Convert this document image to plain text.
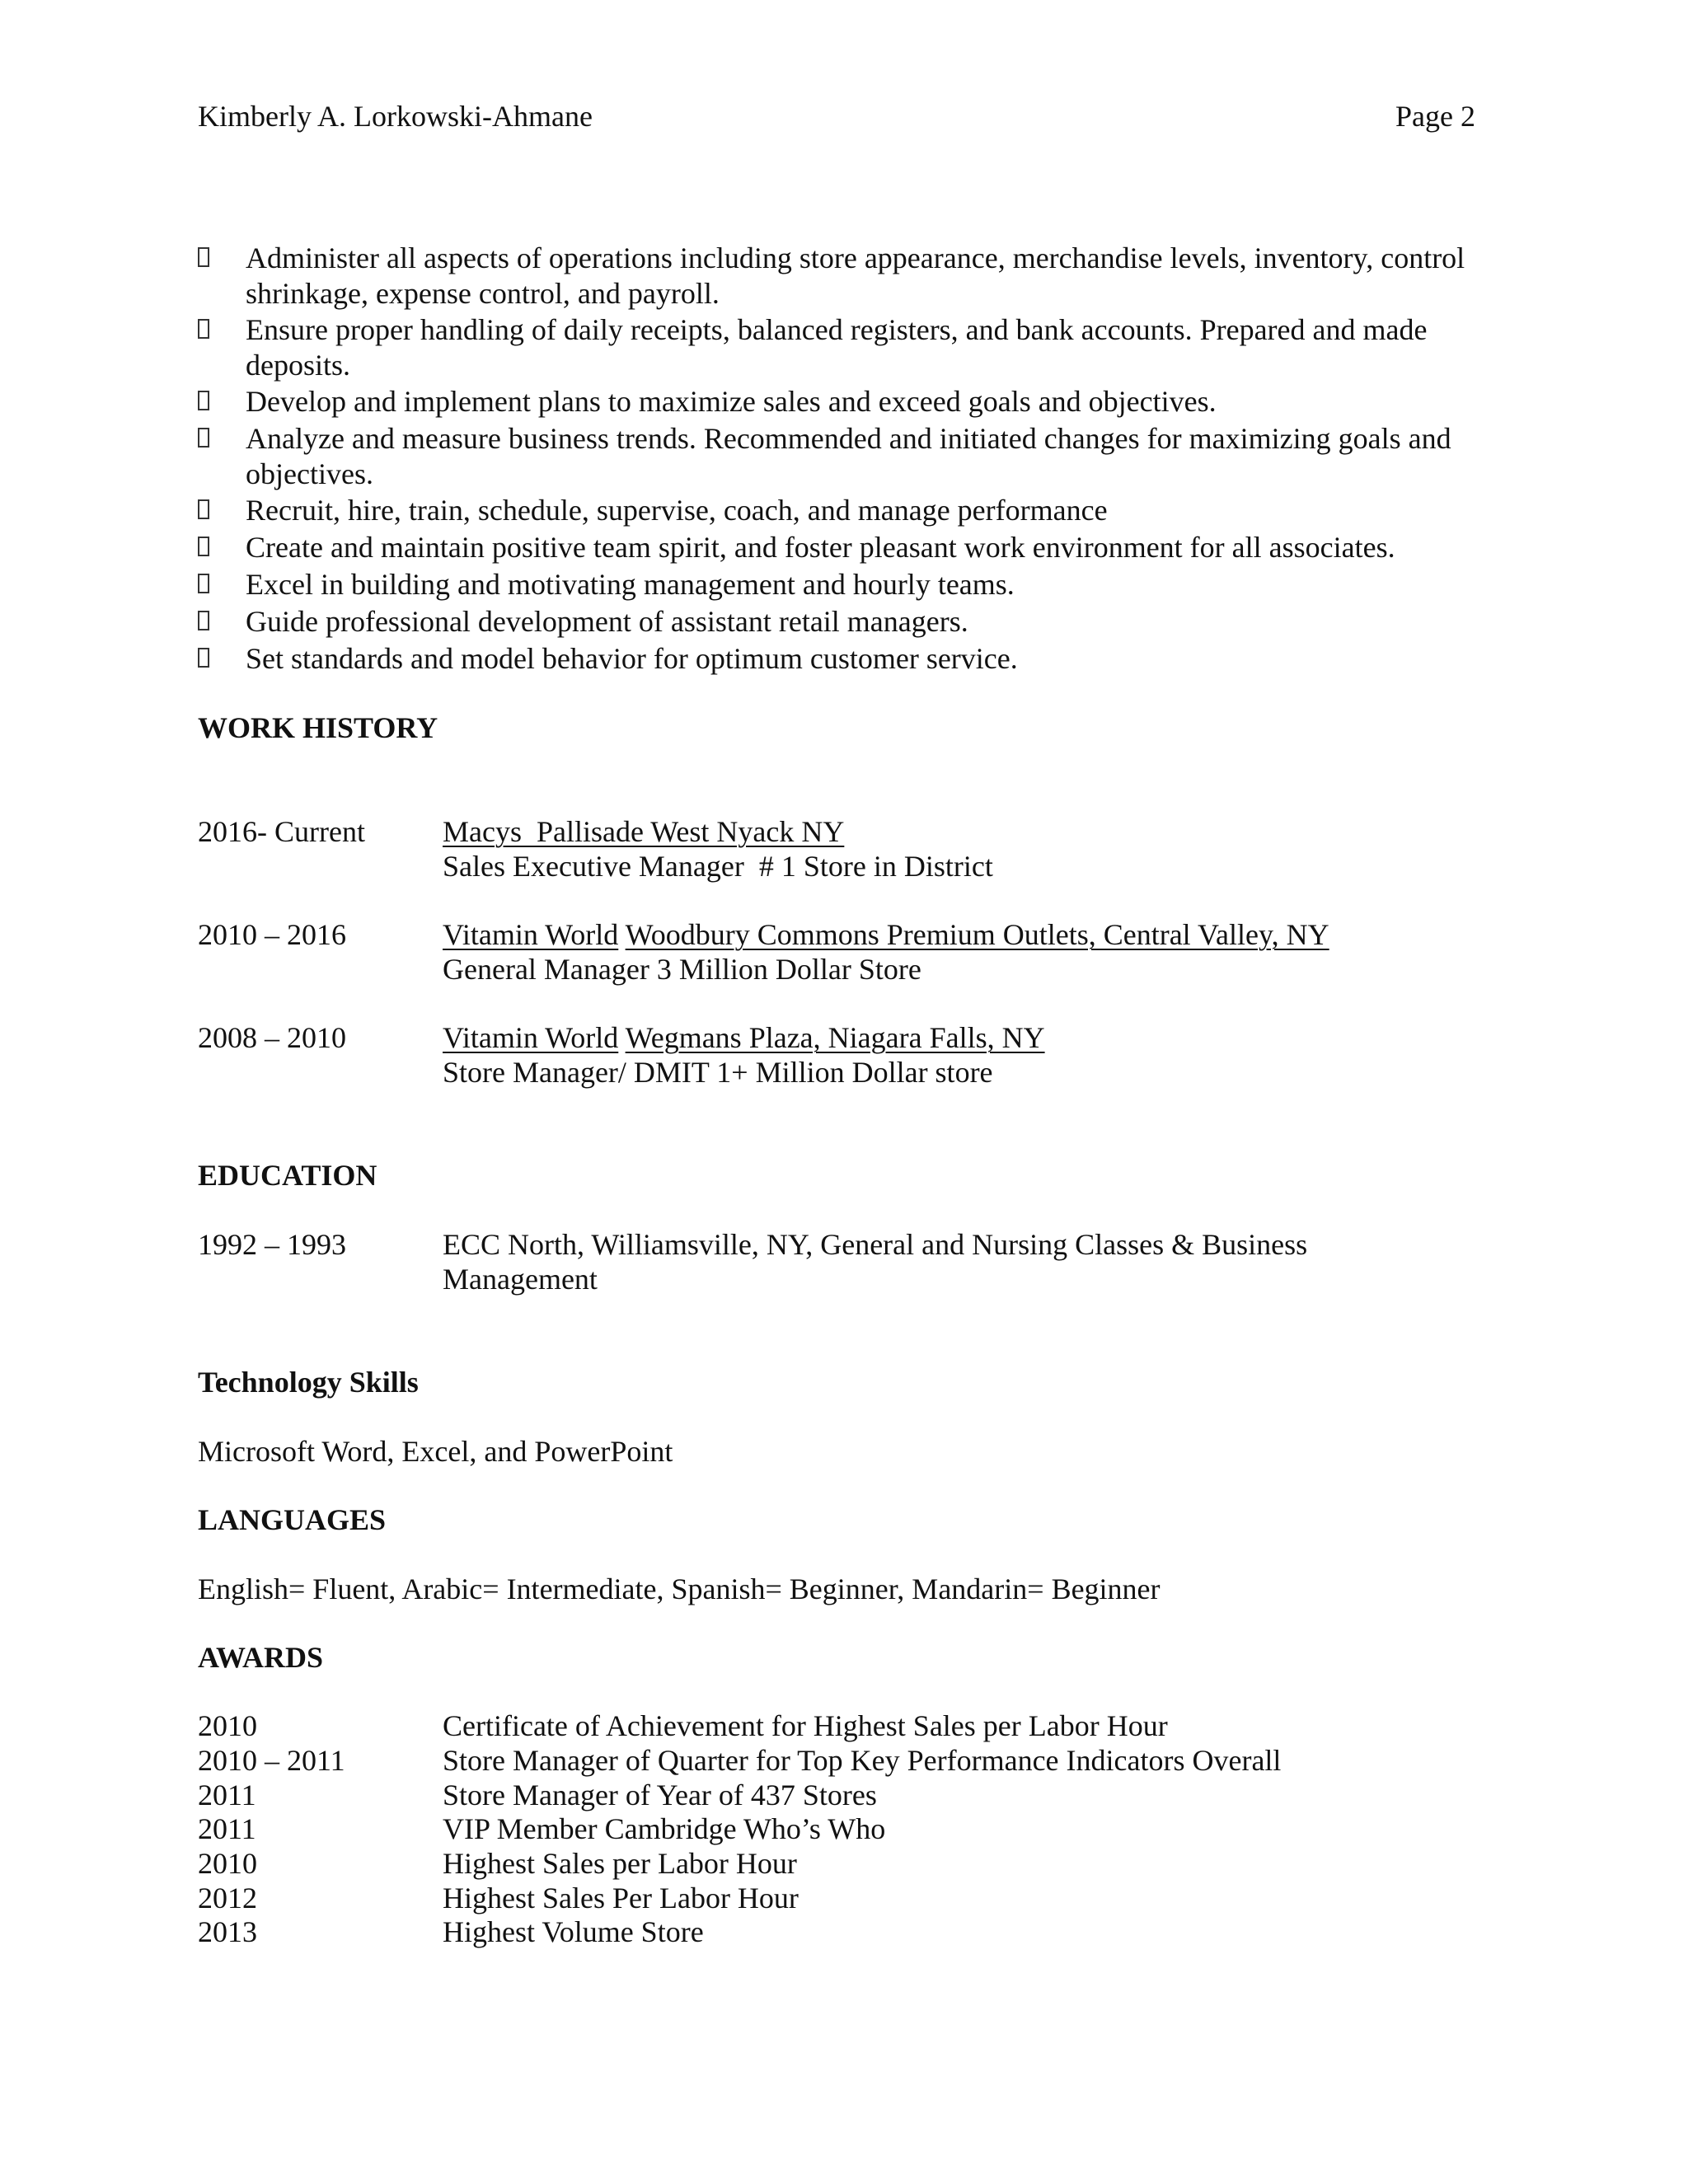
Kimberly A. Lorkowski-Ahmane	Page 2
Administer all aspects of operations including store appearance, merchandise levels, inventory, control shrinkage, expense control, and payroll.
Ensure proper handling of daily receipts, balanced registers, and bank accounts. Prepared and made deposits.
Develop and implement plans to maximize sales and exceed goals and objectives.
Analyze and measure business trends. Recommended and initiated changes for maximizing goals and objectives.
Recruit, hire, train, schedule, supervise, coach, and manage performance
Create and maintain positive team spirit, and foster pleasant work environment for all associates.
Excel in building and motivating management and hourly teams.
Guide professional development of assistant retail managers.
Set standards and model behavior for optimum customer service.
WORK HISTORY
2016- Current	Macys  Pallisade West Nyack NY
Sales Executive Manager  # 1 Store in District
2010 – 2016	Vitamin World Woodbury Commons Premium Outlets, Central Valley, NY
General Manager 3 Million Dollar Store
2008 – 2010	Vitamin World Wegmans Plaza, Niagara Falls, NY
Store Manager/ DMIT 1+ Million Dollar store
EDUCATION
1992 – 1993	ECC North, Williamsville, NY, General and Nursing Classes & Business
Management
Technology Skills
Microsoft Word, Excel, and PowerPoint
LANGUAGES
English= Fluent, Arabic= Intermediate, Spanish= Beginner, Mandarin= Beginner
AWARDS
2010	Certificate of Achievement for Highest Sales per Labor Hour
2010 – 2011	Store Manager of Quarter for Top Key Performance Indicators Overall
2011	Store Manager of Year of 437 Stores
2011	VIP Member Cambridge Who’s Who
2010	Highest Sales per Labor Hour
2012	Highest Sales Per Labor Hour
2013	Highest Volume Store
